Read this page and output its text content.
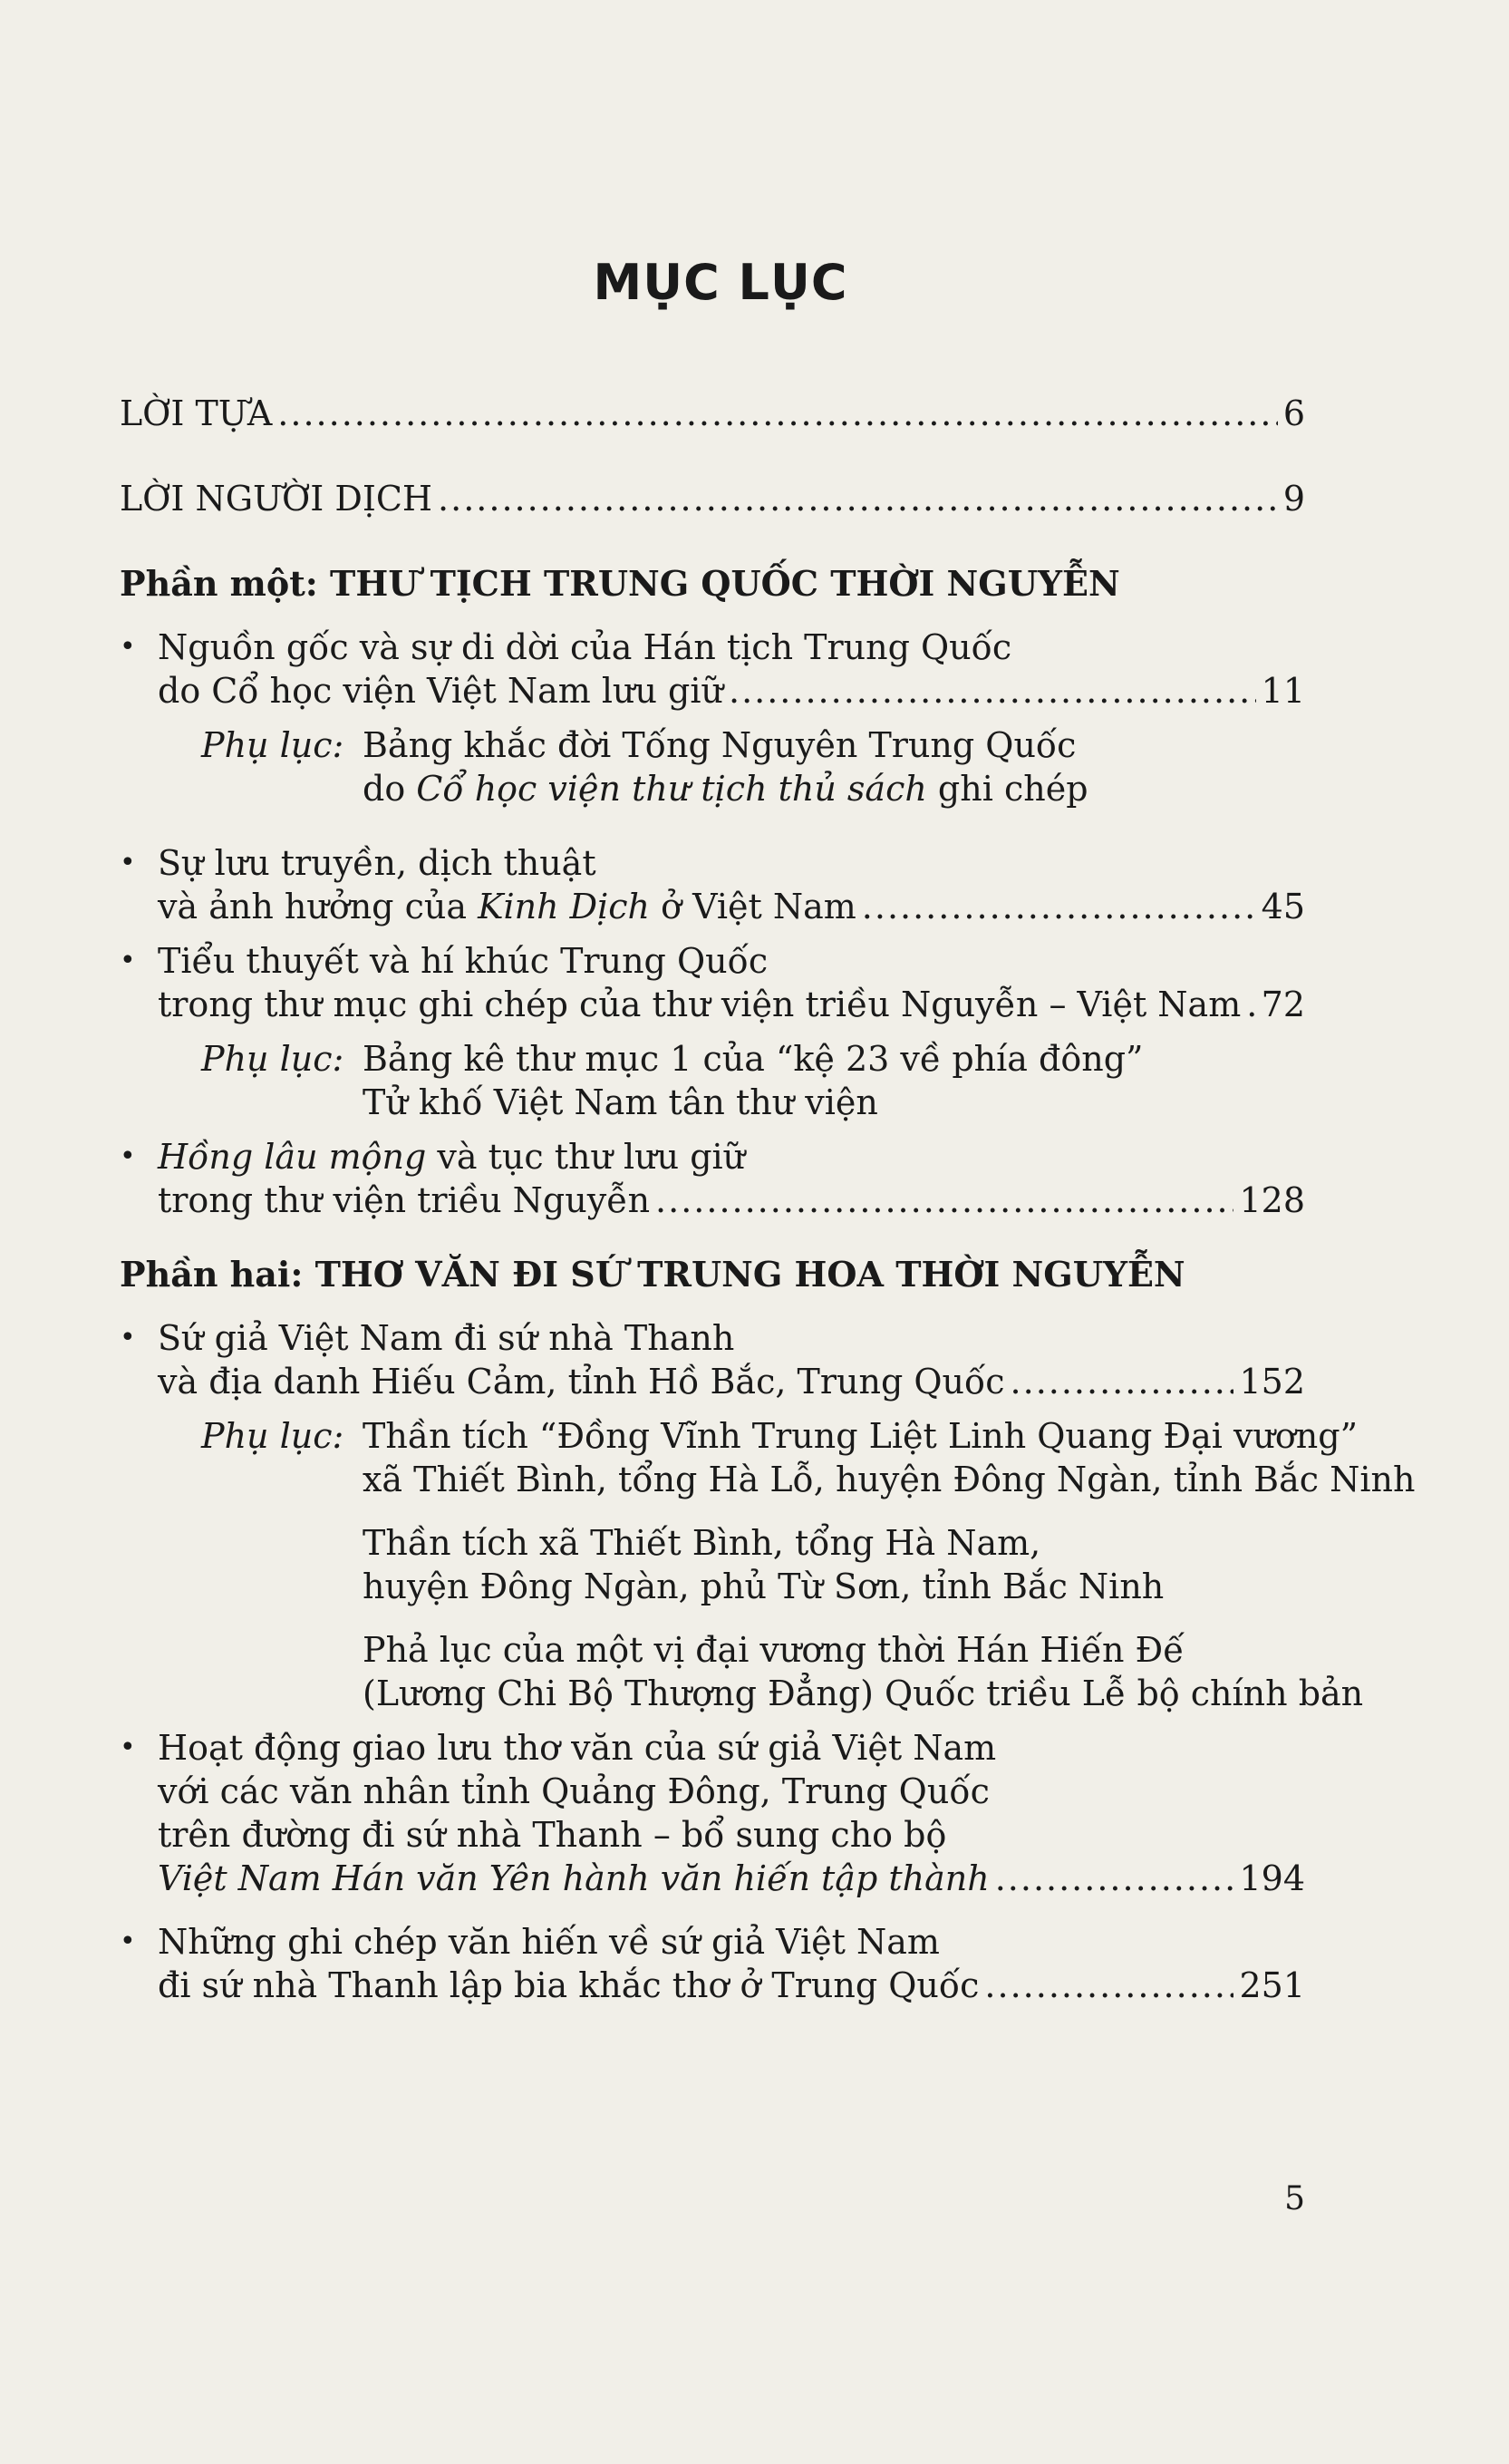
MỤC LỤC
LỜI TỰA .....	6
LỜI NGƯỜI DỊCH .....	9
Phần một: THƯ TỊCH TRUNG QUỐC THỜI NGUYỄN
• Nguồn gốc và sự di dời của Hán tịch Trung Quốc
do Cổ học viện Việt Nam lưu giữ .....	11
Phụ lục: Bảng khắc đời Tống Nguyên Trung Quốc
do Cổ học viện thư tịch thủ sách ghi chép
• Sự lưu truyền, dịch thuật
và ảnh hưởng của Kinh Dịch ở Việt Nam .....	45
• Tiểu thuyết và hí khúc Trung Quốc
trong thư mục ghi chép của thư viện triều Nguyễn – Việt Nam ..... 72
Phụ lục: Bảng kê thư mục 1 của “kệ 23 về phía đông”
Tử khố Việt Nam tân thư viện
• Hồng lâu mộng và tục thư lưu giữ
trong thư viện triều Nguyễn .....	128
Phần hai: THƠ VĂN ĐI SỨ TRUNG HOA THỜI NGUYỄN
• Sứ giả Việt Nam đi sứ nhà Thanh
và địa danh Hiếu Cảm, tỉnh Hồ Bắc, Trung Quốc .....	152
Phụ lục: Thần tích “Đồng Vĩnh Trung Liệt Linh Quang Đại vương”
xã Thiết Bình, tổng Hà Lỗ, huyện Đông Ngàn, tỉnh Bắc Ninh
Thần tích xã Thiết Bình, tổng Hà Nam,
huyện Đông Ngàn, phủ Từ Sơn, tỉnh Bắc Ninh
Phả lục của một vị đại vương thời Hán Hiến Đế
(Lương Chi Bộ Thượng Đẳng) Quốc triều Lễ bộ chính bản
• Hoạt động giao lưu thơ văn của sứ giả Việt Nam
với các văn nhân tỉnh Quảng Đông, Trung Quốc
trên đường đi sứ nhà Thanh – bổ sung cho bộ
Việt Nam Hán văn Yên hành văn hiến tập thành .....	194
• Những ghi chép văn hiến về sứ giả Việt Nam
đi sứ nhà Thanh lập bia khắc thơ ở Trung Quốc .....	251
5
